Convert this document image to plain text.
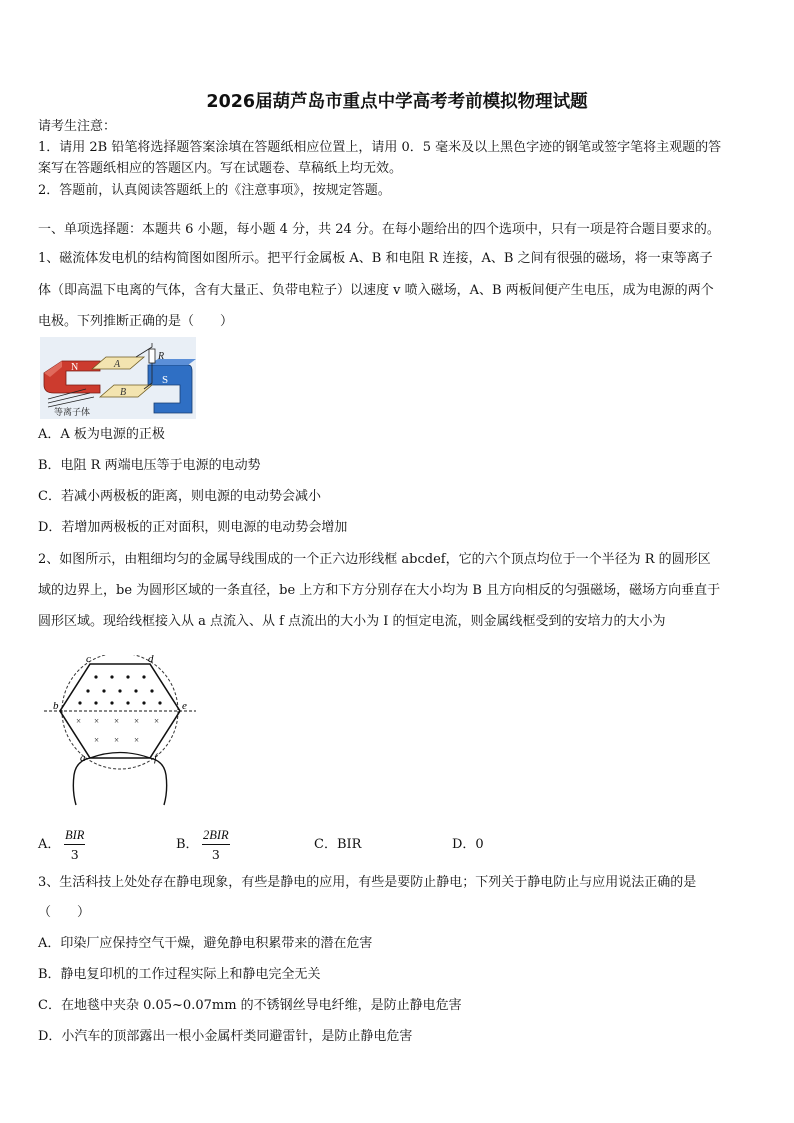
2026届葫芦岛市重点中学高考考前模拟物理试题
请考生注意：
1．请用 2B 铅笔将选择题答案涂填在答题纸相应位置上，请用 0．5 毫米及以上黑色字迹的钢笔或签字笔将主观题的答
案写在答题纸相应的答题区内。写在试题卷、草稿纸上均无效。
2．答题前，认真阅读答题纸上的《注意事项》，按规定答题。
一、单项选择题：本题共 6 小题，每小题 4 分，共 24 分。在每小题给出的四个选项中，只有一项是符合题目要求的。
1、磁流体发电机的结构简图如图所示。把平行金属板 A、B 和电阻 R 连接，A、B 之间有很强的磁场，将一束等离子
体（即高温下电离的气体，含有大量正、负带电粒子）以速度 v 喷入磁场，A、B 两板间便产生电压，成为电源的两个
电极。下列推断正确的是（　　）
N
S
A
B
R
等离子体
A．A 板为电源的正极
B．电阻 R 两端电压等于电源的电动势
C．若减小两极板的距离，则电源的电动势会减小
D．若增加两极板的正对面积，则电源的电动势会增加
2、如图所示，由粗细均匀的金属导线围成的一个正六边形线框 abcdef，它的六个顶点均位于一个半径为 R 的圆形区
域的边界上，be 为圆形区域的一条直径，be 上方和下方分别存在大小均为 B 且方向相反的匀强磁场，磁场方向垂直于
圆形区域。现给线框接入从 a 点流入、从 f 点流出的大小为 I 的恒定电流，则金属线框受到的安培力的大小为
× × × × ×
× × ×
c	d
b	e
a	f
A．
BIR
3
B．
2BIR
3
C．BIR	D．0
3、生活科技上处处存在静电现象，有些是静电的应用，有些是要防止静电；下列关于静电防止与应用说法正确的是
（　　）
A．印染厂应保持空气干燥，避免静电积累带来的潜在危害
B．静电复印机的工作过程实际上和静电完全无关
C．在地毯中夹杂 0.05~0.07mm 的不锈钢丝导电纤维，是防止静电危害
D．小汽车的顶部露出一根小金属杆类同避雷针，是防止静电危害
